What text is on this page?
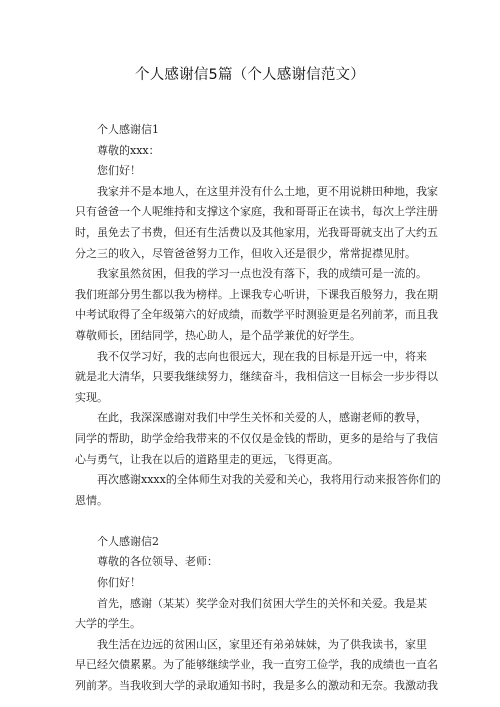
个人感谢信5篇（个人感谢信范文）

个人感谢信1

尊敬的xxx：

您们好！

我家并不是本地人，在这里并没有什么土地，更不用说耕田种地，我家
只有爸爸一个人呢维持和支撑这个家庭，我和哥哥正在读书，每次上学注册
时，虽免去了书费，但还有生活费以及其他家用，光我哥哥就支出了大约五
分之三的收入，尽管爸爸努力工作，但收入还是很少，常常捉襟见肘。

我家虽然贫困，但我的学习一点也没有落下，我的成绩可是一流的。
我们班部分男生都以我为榜样。上课我专心听讲，下课我百般努力，我在期
中考试取得了全年级第六的好成绩，而数学平时测验更是名列前茅，而且我
尊敬师长，团结同学，热心助人，是个品学兼优的好学生。

我不仅学习好，我的志向也很远大，现在我的目标是开远一中，将来
就是北大清华，只要我继续努力，继续奋斗，我相信这一目标会一步步得以
实现。

在此，我深深感谢对我们中学生关怀和关爱的人，感谢老师的教导，
同学的帮助，助学金给我带来的不仅仅是金钱的帮助，更多的是给与了我信
心与勇气，让我在以后的道路里走的更远，飞得更高。

再次感谢xxxx的全体师生对我的关爱和关心，我将用行动来报答你们的
恩情。

个人感谢信2

尊敬的各位领导、老师：

你们好！

首先，感谢（某某）奖学金对我们贫困大学生的关怀和关爱。我是某
大学的学生。

我生活在边远的贫困山区，家里还有弟弟妹妹，为了供我读书，家里
早已经欠债累累。为了能够继续学业，我一直穷工俭学，我的成绩也一直名
列前茅。当我收到大学的录取通知书时，我是多么的激动和无奈。我激动我
